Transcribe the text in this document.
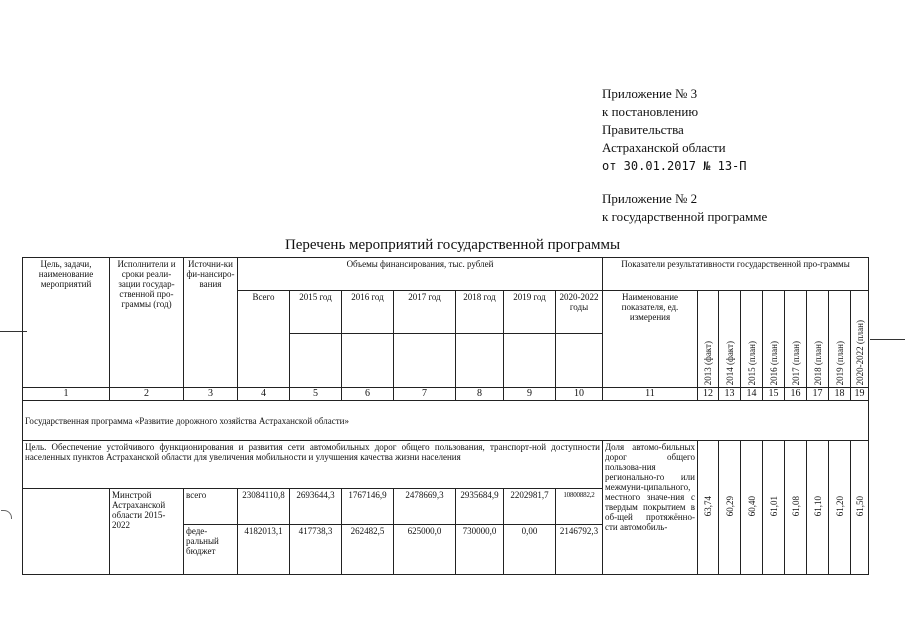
Приложение № 3
к постановлению
Правительства
Астраханской области
от 30.01.2017 № 13-П
Приложение № 2
к государственной программе
Перечень мероприятий государственной программы
Цель, задачи, наименование мероприятий	Исполнители и сроки реали-зации государ-ственной про-граммы (год)	Источни-ки фи-нансиро-вания	Объемы финансирования, тыс. рублей							Показатели результативности государственной про-граммы								
			Всего	2015 год	2016 год	2017 год	2018 год	2019 год	2020-2022 годы	Наименование показателя, ед. измерения	2013 (факт)	2014 (факт)	2015 (план)	2016 (план)	2017 (план)	2018 (план)	2019 (план)	2020-2022 (план)

1	2	3	4	5	6	7	8	9	10	11	12	13	14	15	16	17	18	19
Государственная программа «Развитие дорожного хозяйства Астраханской области»																		
Цель. Обеспечение устойчивого функционирования и развития сети автомобильных дорог общего пользования, транспорт-ной доступности населенных пунктов Астраханской области для увеличения мобильности и улучшения качества жизни населения										Доля автомо-бильных дорог общего пользова-ния регионально-го или межмуни-ципального, местного значе-ния с твердым покрытием в об-щей протяжённо-сти автомобиль-	63,74	60,29	60,40	61,01	61,08	61,10	61,20	61,50
	Минстрой Астраханской области 2015-2022	всего	23084110,8	2693644,3	1767146,9	2478669,3	2935684,9	2202981,7	10800882,2									
		феде-ральный бюджет	4182013,1	417738,3	262482,5	625000,0	730000,0	0,00	2146792,3									
